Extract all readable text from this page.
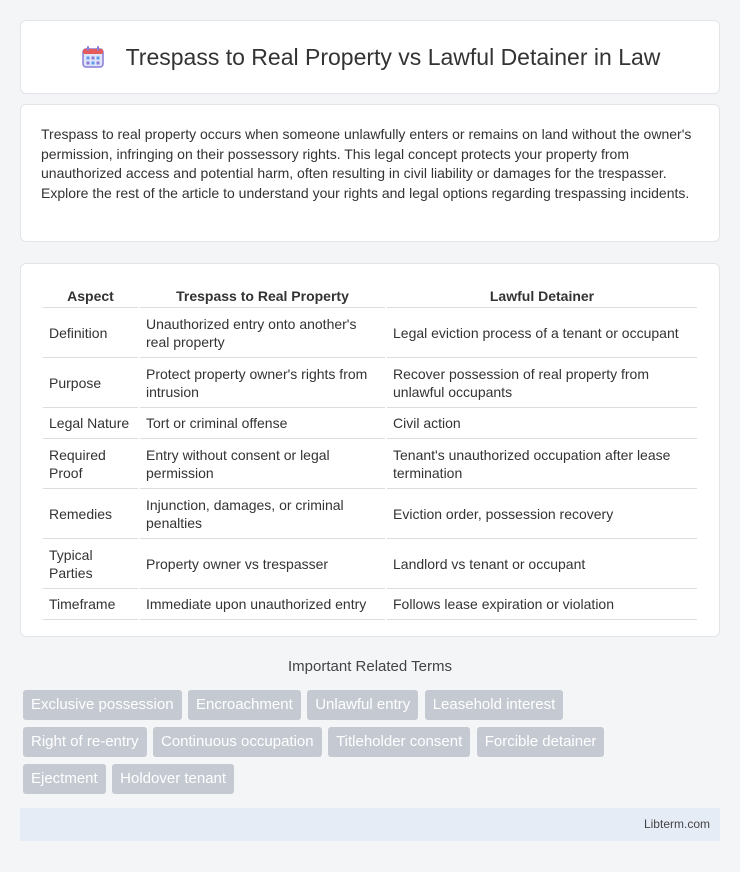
Trespass to Real Property vs Lawful Detainer in Law

Trespass to real property occurs when someone unlawfully enters or remains on land without the owner's permission, infringing on their possessory rights. This legal concept protects your property from unauthorized access and potential harm, often resulting in civil liability or damages for the trespasser. Explore the rest of the article to understand your rights and legal options regarding trespassing incidents.

Aspect	Trespass to Real Property	Lawful Detainer
Definition	Unauthorized entry onto another's real property	Legal eviction process of a tenant or occupant
Purpose	Protect property owner's rights from intrusion	Recover possession of real property from unlawful occupants
Legal Nature	Tort or criminal offense	Civil action
Required Proof	Entry without consent or legal permission	Tenant's unauthorized occupation after lease termination
Remedies	Injunction, damages, or criminal penalties	Eviction order, possession recovery
Typical Parties	Property owner vs trespasser	Landlord vs tenant or occupant
Timeframe	Immediate upon unauthorized entry	Follows lease expiration or violation
Important Related Terms
Exclusive possession Encroachment Unlawful entry Leasehold interest
Right of re-entry Continuous occupation Titleholder consent Forcible detainer
Ejectment Holdover tenant
Libterm.com
